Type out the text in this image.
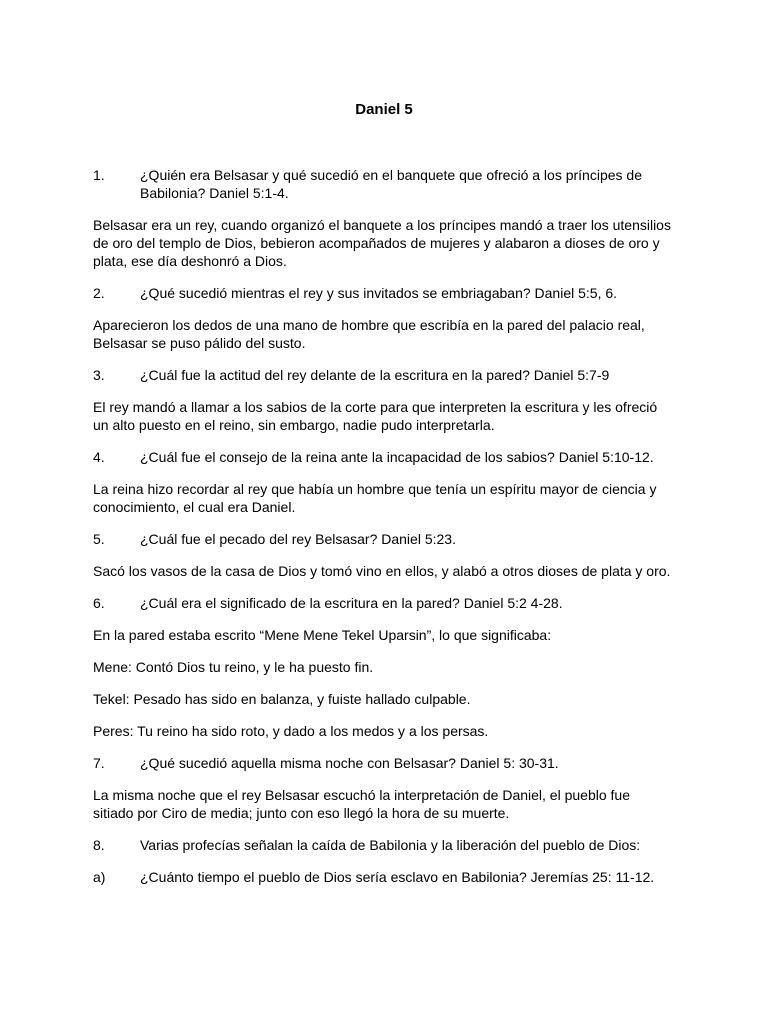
Daniel 5
1.	¿Quién era Belsasar y qué sucedió en el banquete que ofreció a los príncipes de Babilonia? Daniel 5:1-4.

Belsasar era un rey, cuando organizó el banquete a los príncipes mandó a traer los utensilios de oro del templo de Dios, bebieron acompañados de mujeres y alabaron a dioses de oro y plata, ese día deshonró a Dios.

2.	¿Qué sucedió mientras el rey y sus invitados se embriagaban? Daniel 5:5, 6.

Aparecieron los dedos de una mano de hombre que escribía en la pared del palacio real, Belsasar se puso pálido del susto.

3.	¿Cuál fue la actitud del rey delante de la escritura en la pared? Daniel 5:7-9

El rey mandó a llamar a los sabios de la corte para que interpreten la escritura y les ofreció un alto puesto en el reino, sin embargo, nadie pudo interpretarla.

4.	¿Cuál fue el consejo de la reina ante la incapacidad de los sabios? Daniel 5:10-12.

La reina hizo recordar al rey que había un hombre que tenía un espíritu mayor de ciencia y conocimiento, el cual era Daniel.

5.	¿Cuál fue el pecado del rey Belsasar? Daniel 5:23.

Sacó los vasos de la casa de Dios y tomó vino en ellos, y alabó a otros dioses de plata y oro.

6.	¿Cuál era el significado de la escritura en la pared? Daniel 5:2 4-28.

En la pared estaba escrito “Mene Mene Tekel Uparsin”, lo que significaba:

Mene: Contó Dios tu reino, y le ha puesto fin.

Tekel: Pesado has sido en balanza, y fuiste hallado culpable.

Peres: Tu reino ha sido roto, y dado a los medos y a los persas.

7.	¿Qué sucedió aquella misma noche con Belsasar? Daniel 5: 30-31.

La misma noche que el rey Belsasar escuchó la interpretación de Daniel, el pueblo fue sitiado por Ciro de media; junto con eso llegó la hora de su muerte.

8.	Varias profecías señalan la caída de Babilonia y la liberación del pueblo de Dios:
a)	¿Cuánto tiempo el pueblo de Dios sería esclavo en Babilonia? Jeremías 25: 11-12.
